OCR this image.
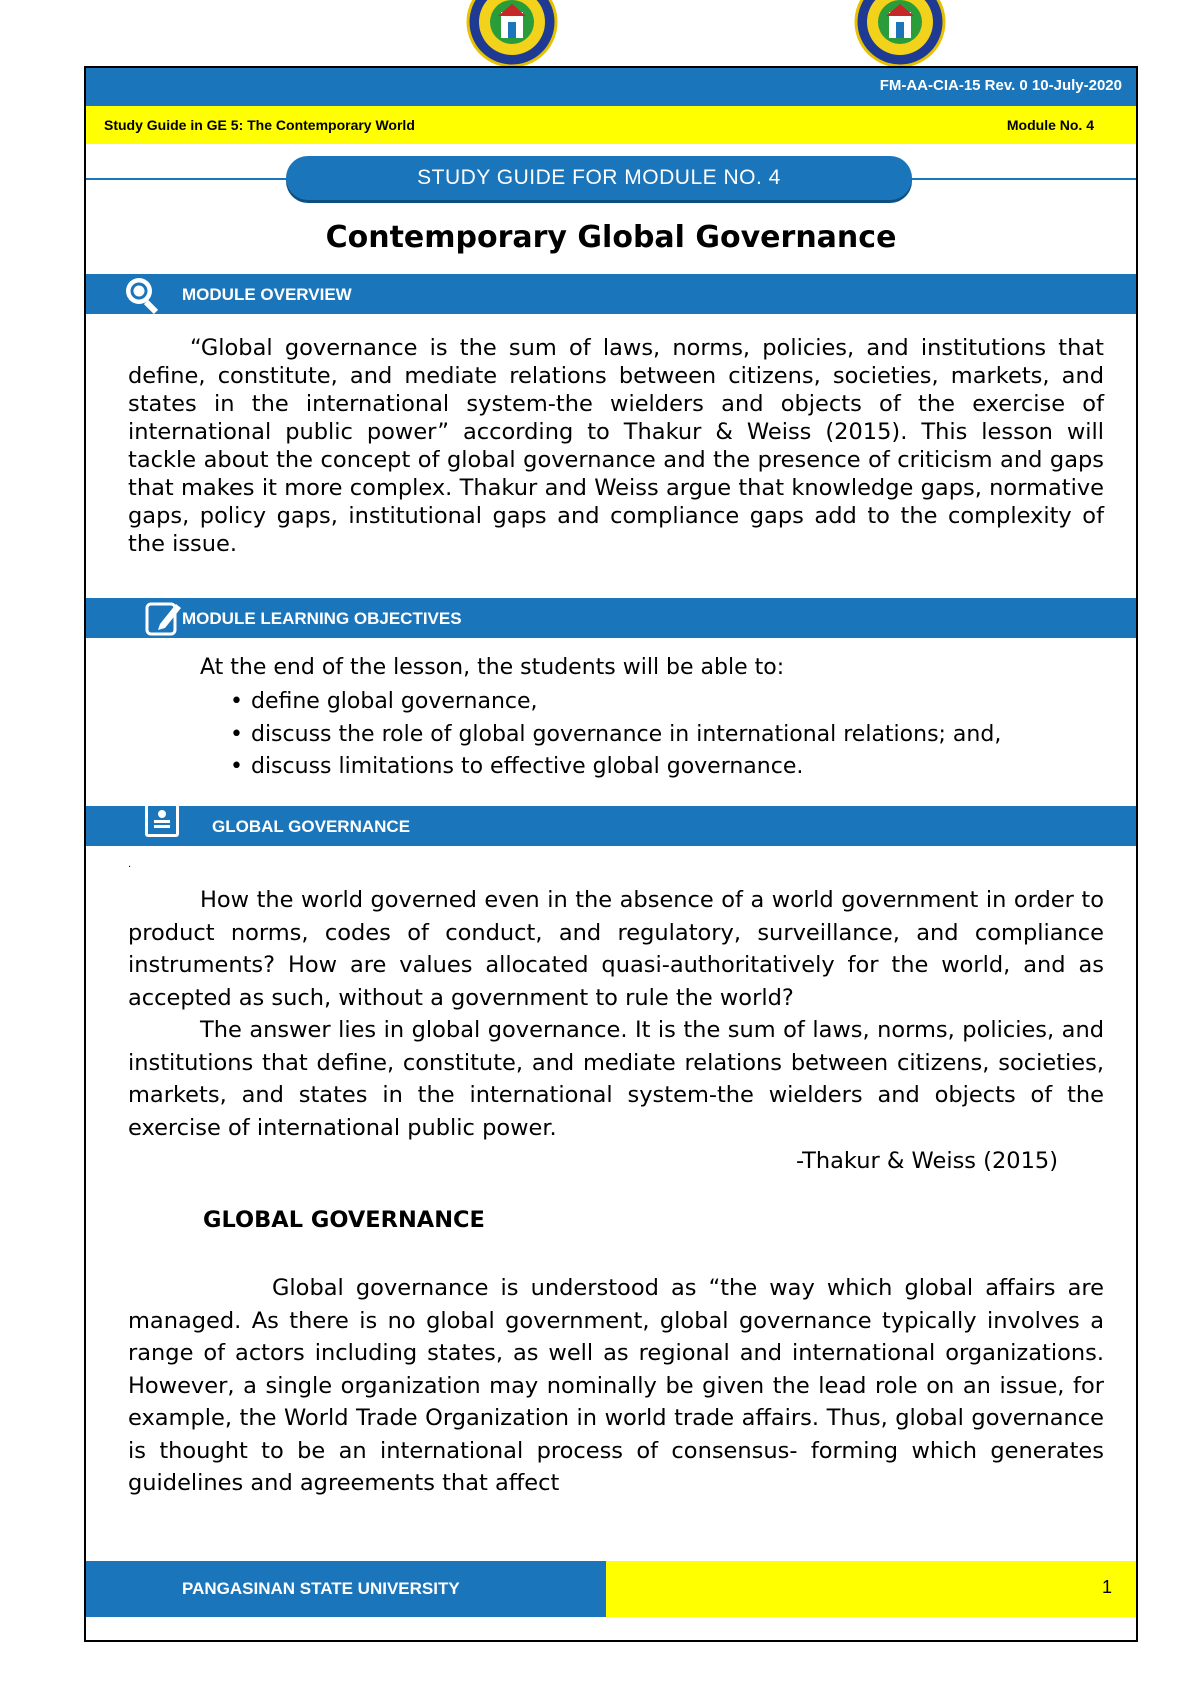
FM-AA-CIA-15 Rev. 0 10-July-2020
Study Guide in GE 5: The Contemporary World	Module No. 4
STUDY GUIDE FOR MODULE NO. 4
Contemporary Global Governance
MODULE OVERVIEW

“Global governance is the sum of laws, norms, policies, and institutions that define, constitute, and mediate relations between citizens, societies, markets, and states in the international system-the wielders and objects of the exercise of international public power” according to Thakur & Weiss (2015). This lesson will tackle about the concept of global governance and the presence of criticism and gaps that makes it more complex. Thakur and Weiss argue that knowledge gaps, normative gaps, policy gaps, institutional gaps and compliance gaps add to the complexity of the issue.

MODULE LEARNING OBJECTIVES
At the end of the lesson, the students will be able to:
• define global governance,
• discuss the role of global governance in international relations; and,
• discuss limitations to effective global governance.
GLOBAL GOVERNANCE
·

How the world governed even in the absence of a world government in order to product norms, codes of conduct, and regulatory, surveillance, and compliance instruments? How are values allocated quasi-authoritatively for the world, and as accepted as such, without a government to rule the world?

The answer lies in global governance. It is the sum of laws, norms, policies, and institutions that define, constitute, and mediate relations between citizens, societies, markets, and states in the international system-the wielders and objects of the exercise of international public power.

-Thakur & Weiss (2015)
GLOBAL GOVERNANCE

Global governance is understood as “the way which global affairs are managed. As there is no global government, global governance typically involves a range of actors including states, as well as regional and international organizations. However, a single organization may nominally be given the lead role on an issue, for example, the World Trade Organization in world trade affairs. Thus, global governance is thought to be an international process of consensus- forming which generates guidelines and agreements that affect

PANGASINAN STATE UNIVERSITY	1
